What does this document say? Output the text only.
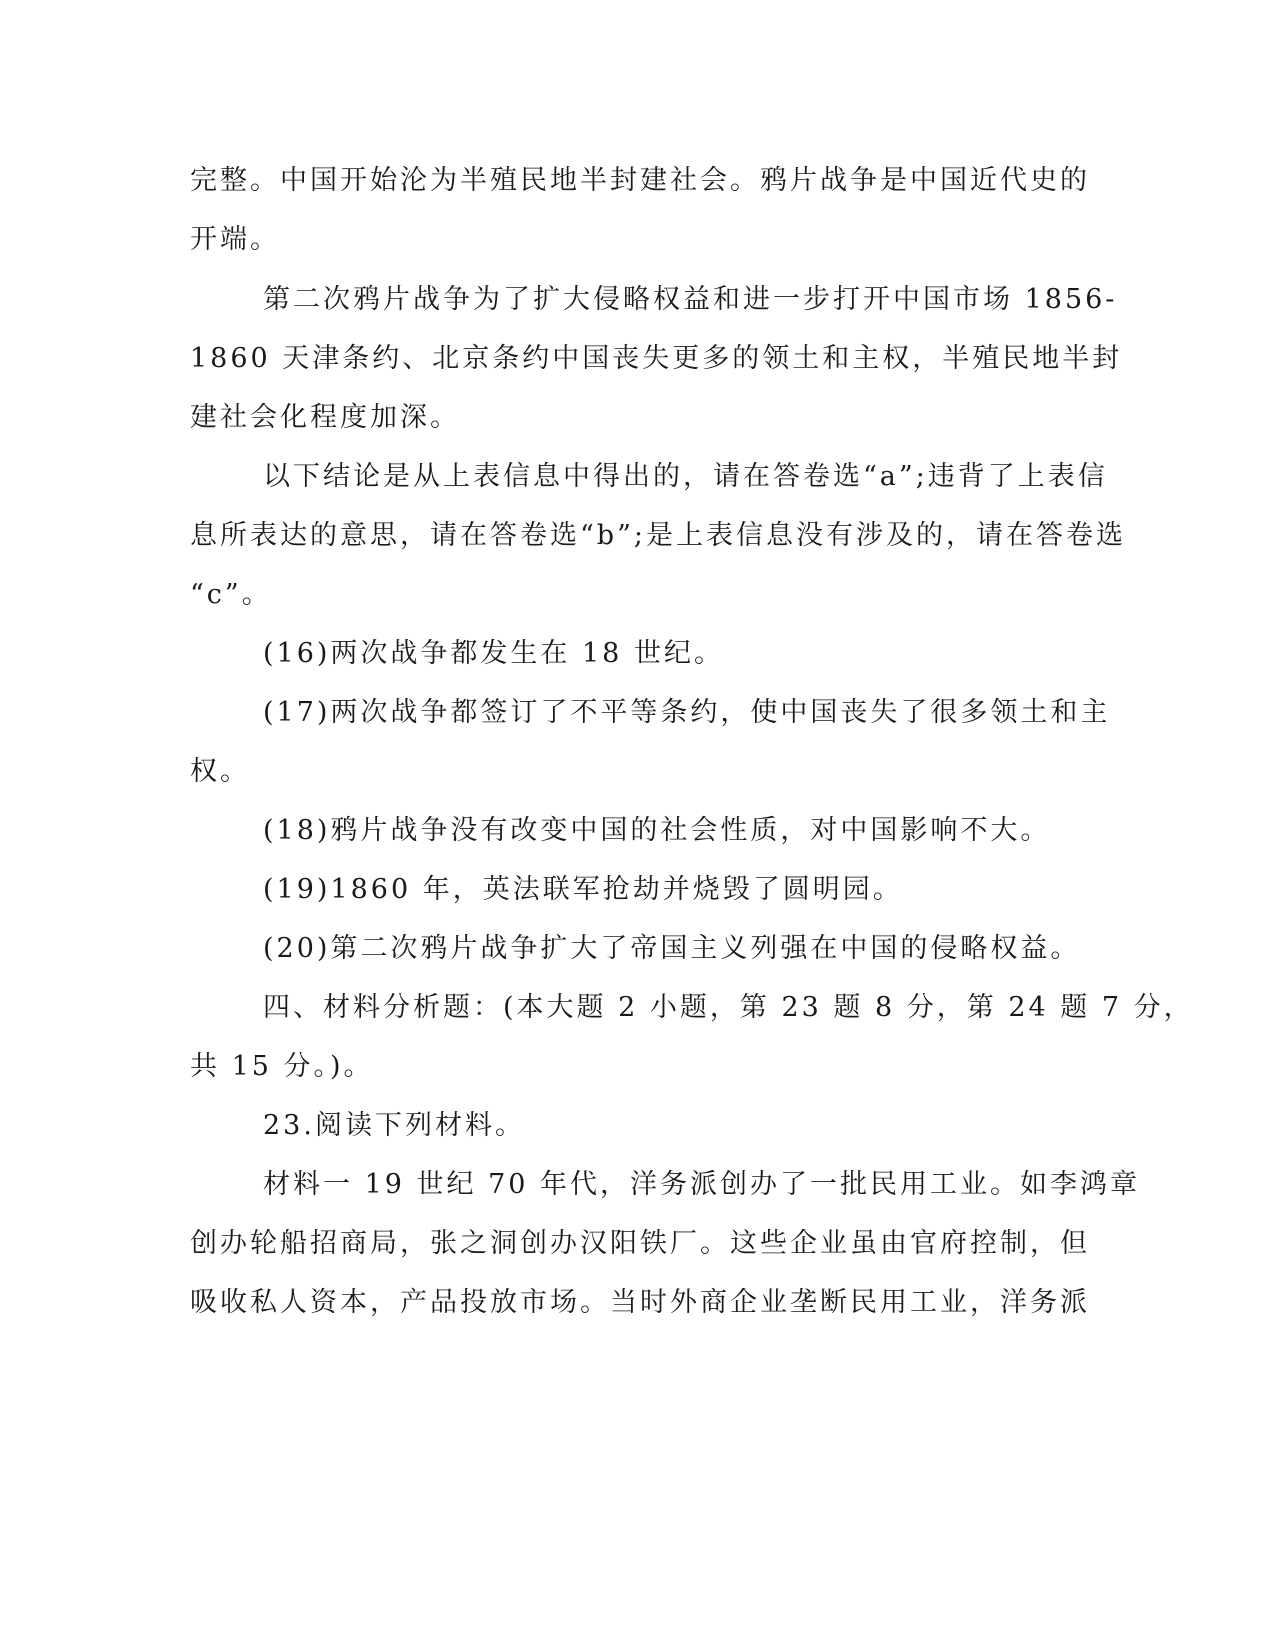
完整。中国开始沦为半殖民地半封建社会。鸦片战争是中国近代史的
开端。
第二次鸦片战争为了扩大侵略权益和进一步打开中国市场 1856-
1860 天津条约、北京条约中国丧失更多的领土和主权，半殖民地半封
建社会化程度加深。
以下结论是从上表信息中得出的，请在答卷选“a”;违背了上表信
息所表达的意思，请在答卷选“b”;是上表信息没有涉及的，请在答卷选
“c”。
(16)两次战争都发生在 18 世纪。
(17)两次战争都签订了不平等条约，使中国丧失了很多领土和主
权。
(18)鸦片战争没有改变中国的社会性质，对中国影响不大。
(19)1860 年，英法联军抢劫并烧毁了圆明园。
(20)第二次鸦片战争扩大了帝国主义列强在中国的侵略权益。
四、材料分析题：(本大题 2 小题，第 23 题 8 分，第 24 题 7 分，
共 15 分。)。
23.阅读下列材料。
材料一 19 世纪 70 年代，洋务派创办了一批民用工业。如李鸿章
创办轮船招商局，张之洞创办汉阳铁厂。这些企业虽由官府控制，但
吸收私人资本，产品投放市场。当时外商企业垄断民用工业，洋务派
